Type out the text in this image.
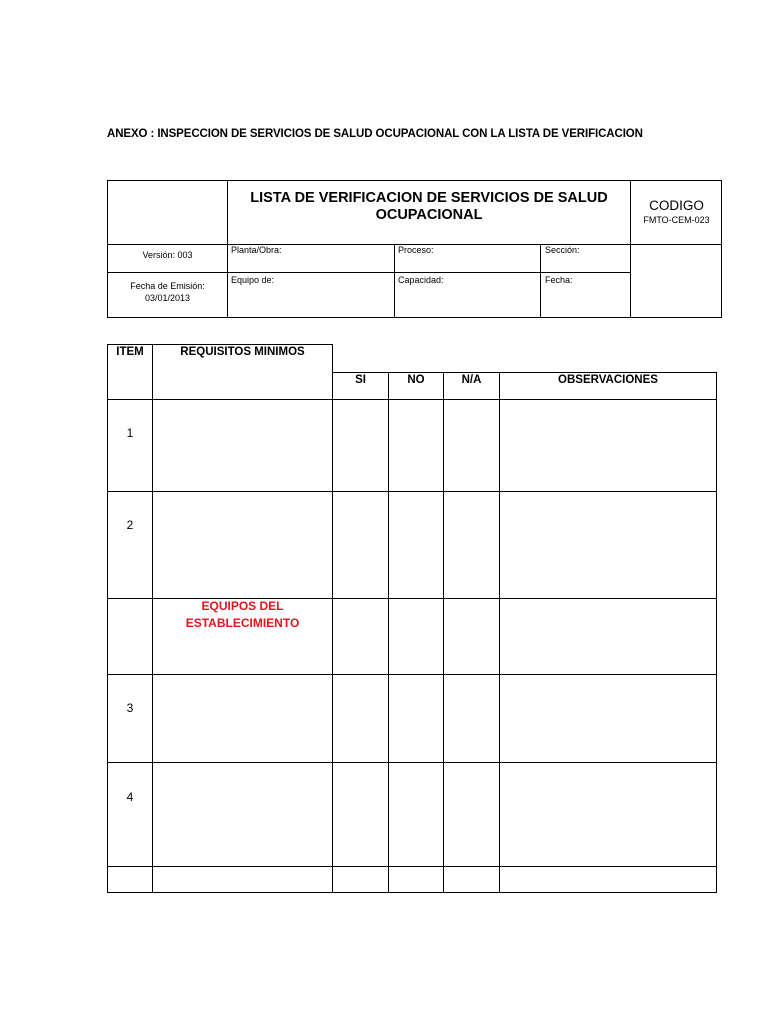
ANEXO : INSPECCION DE SERVICIOS DE SALUD OCUPACIONAL CON LA LISTA DE VERIFICACION
LISTA DE VERIFICACION DE SERVICIOS DE SALUD
OCUPACIONAL
CODIGO
FMTO-CEM-023
Versión: 003
Fecha de Emisión:
03/01/2013
Planta/Obra:	Proceso:	Sección:
Equipo de:	Capacidad:	Fecha:
ITEM	REQUISITOS MINIMOS
SI	NO	N/A	OBSERVACIONES
1
2
EQUIPOS DEL
ESTABLECIMIENTO
3
4
